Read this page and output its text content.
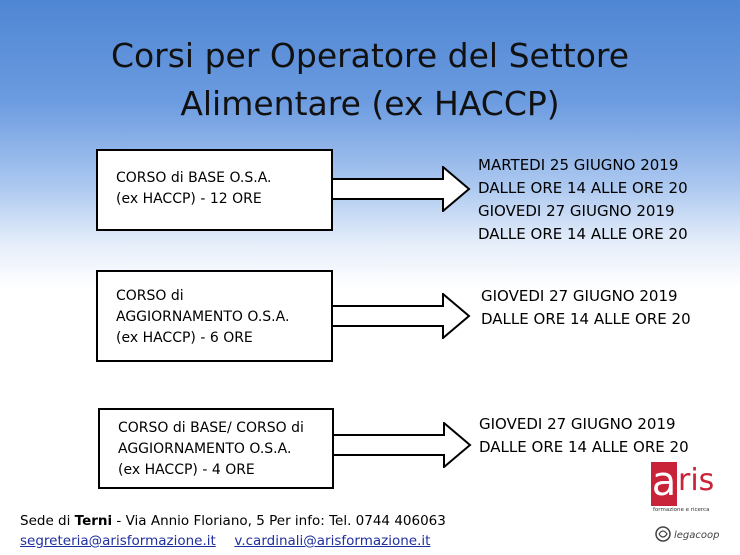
Corsi per Operatore del Settore
Alimentare (ex HACCP)
CORSO di BASE O.S.A.
(ex HACCP) - 12 ORE
MARTEDI 25 GIUGNO 2019
DALLE ORE 14 ALLE ORE 20
GIOVEDI 27 GIUGNO 2019
DALLE ORE 14 ALLE ORE 20
CORSO di
AGGIORNAMENTO O.S.A.
(ex HACCP) - 6 ORE
GIOVEDI 27 GIUGNO 2019
DALLE ORE 14 ALLE ORE 20
CORSO di BASE/ CORSO di
AGGIORNAMENTO O.S.A.
(ex HACCP) - 4 ORE
GIOVEDI 27 GIUGNO 2019
DALLE ORE 14 ALLE ORE 20
Sede di Terni - Via Annio Floriano, 5 Per info: Tel. 0744 406063
segreteria@arisformazione.it v.cardinali@arisformazione.it
a ris
formazione e ricerca
legacoop
